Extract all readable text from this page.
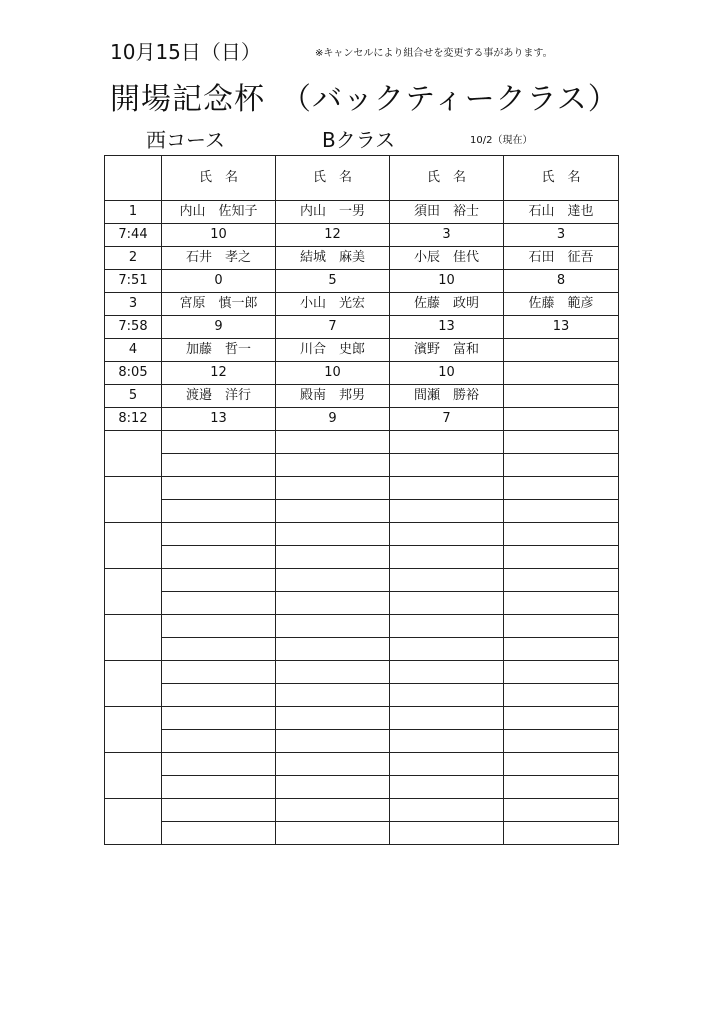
10月15日（日）	※キャンセルにより組合せを変更する事があります。
開場記念杯　（バックティークラス）
西コース	Bクラス	10/2（現在）
	氏　名	氏　名	氏　名	氏　名
1	内山　佐知子	内山　一男	須田　裕士	石山　達也
7:44	10	12	3	3
2	石井　孝之	結城　麻美	小辰　佳代	石田　征吾
7:51	0	5	10	8
3	宮原　慎一郎	小山　光宏	佐藤　政明	佐藤　範彦
7:58	9	7	13	13
4	加藤　哲一	川合　史郎	濱野　富和	
8:05	12	10	10	
5	渡邉　洋行	殿南　邦男	間瀬　勝裕	
8:12	13	9	7	
